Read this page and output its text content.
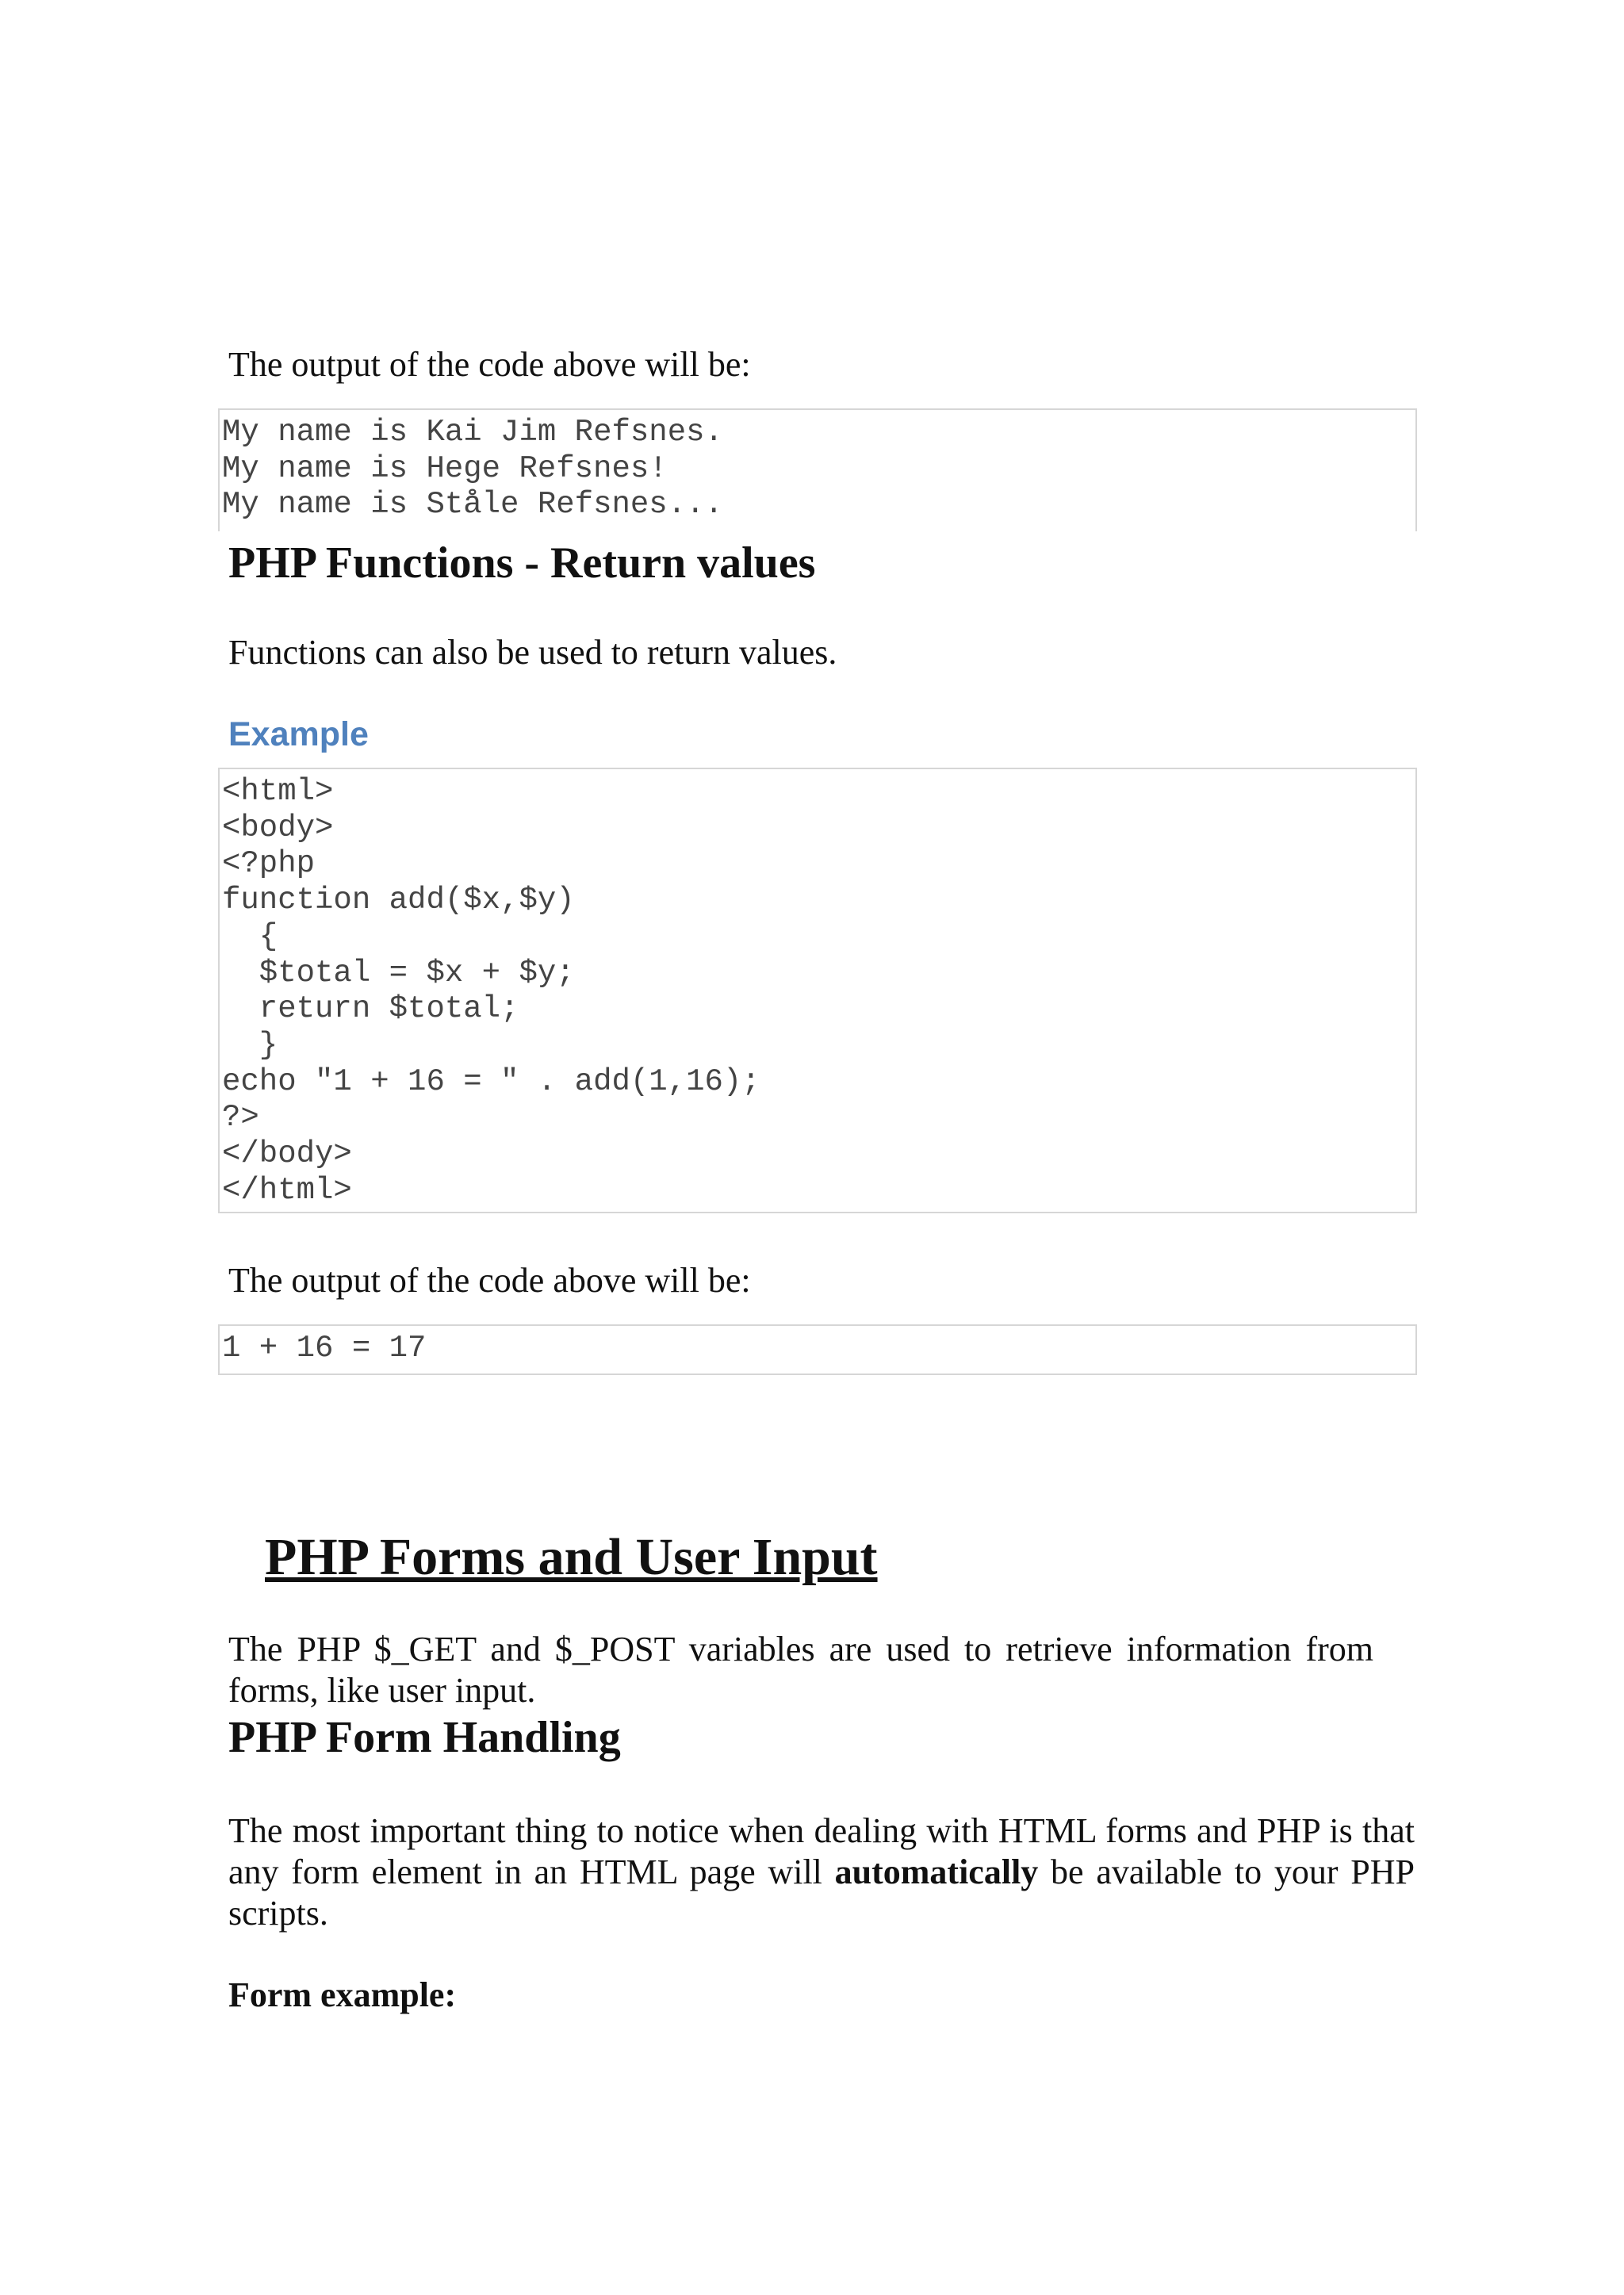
The output of the code above will be:

My name is Kai Jim Refsnes.
My name is Hege Refsnes!
My name is Ståle Refsnes...
PHP Functions - Return values

Functions can also be used to return values.

Example
<html>
<body>
<?php
function add($x,$y)
{
$total = $x + $y;
return $total;
}
echo "1 + 16 = " . add(1,16);
?>
</body>
</html>

The output of the code above will be:

1 + 16 = 17
PHP Forms and User Input

The PHP $_GET and $_POST variables are used to retrieve information from forms, like user input.

PHP Form Handling

The most important thing to notice when dealing with HTML forms and PHP is that any form element in an HTML page will automatically be available to your PHP scripts.

Form example:
